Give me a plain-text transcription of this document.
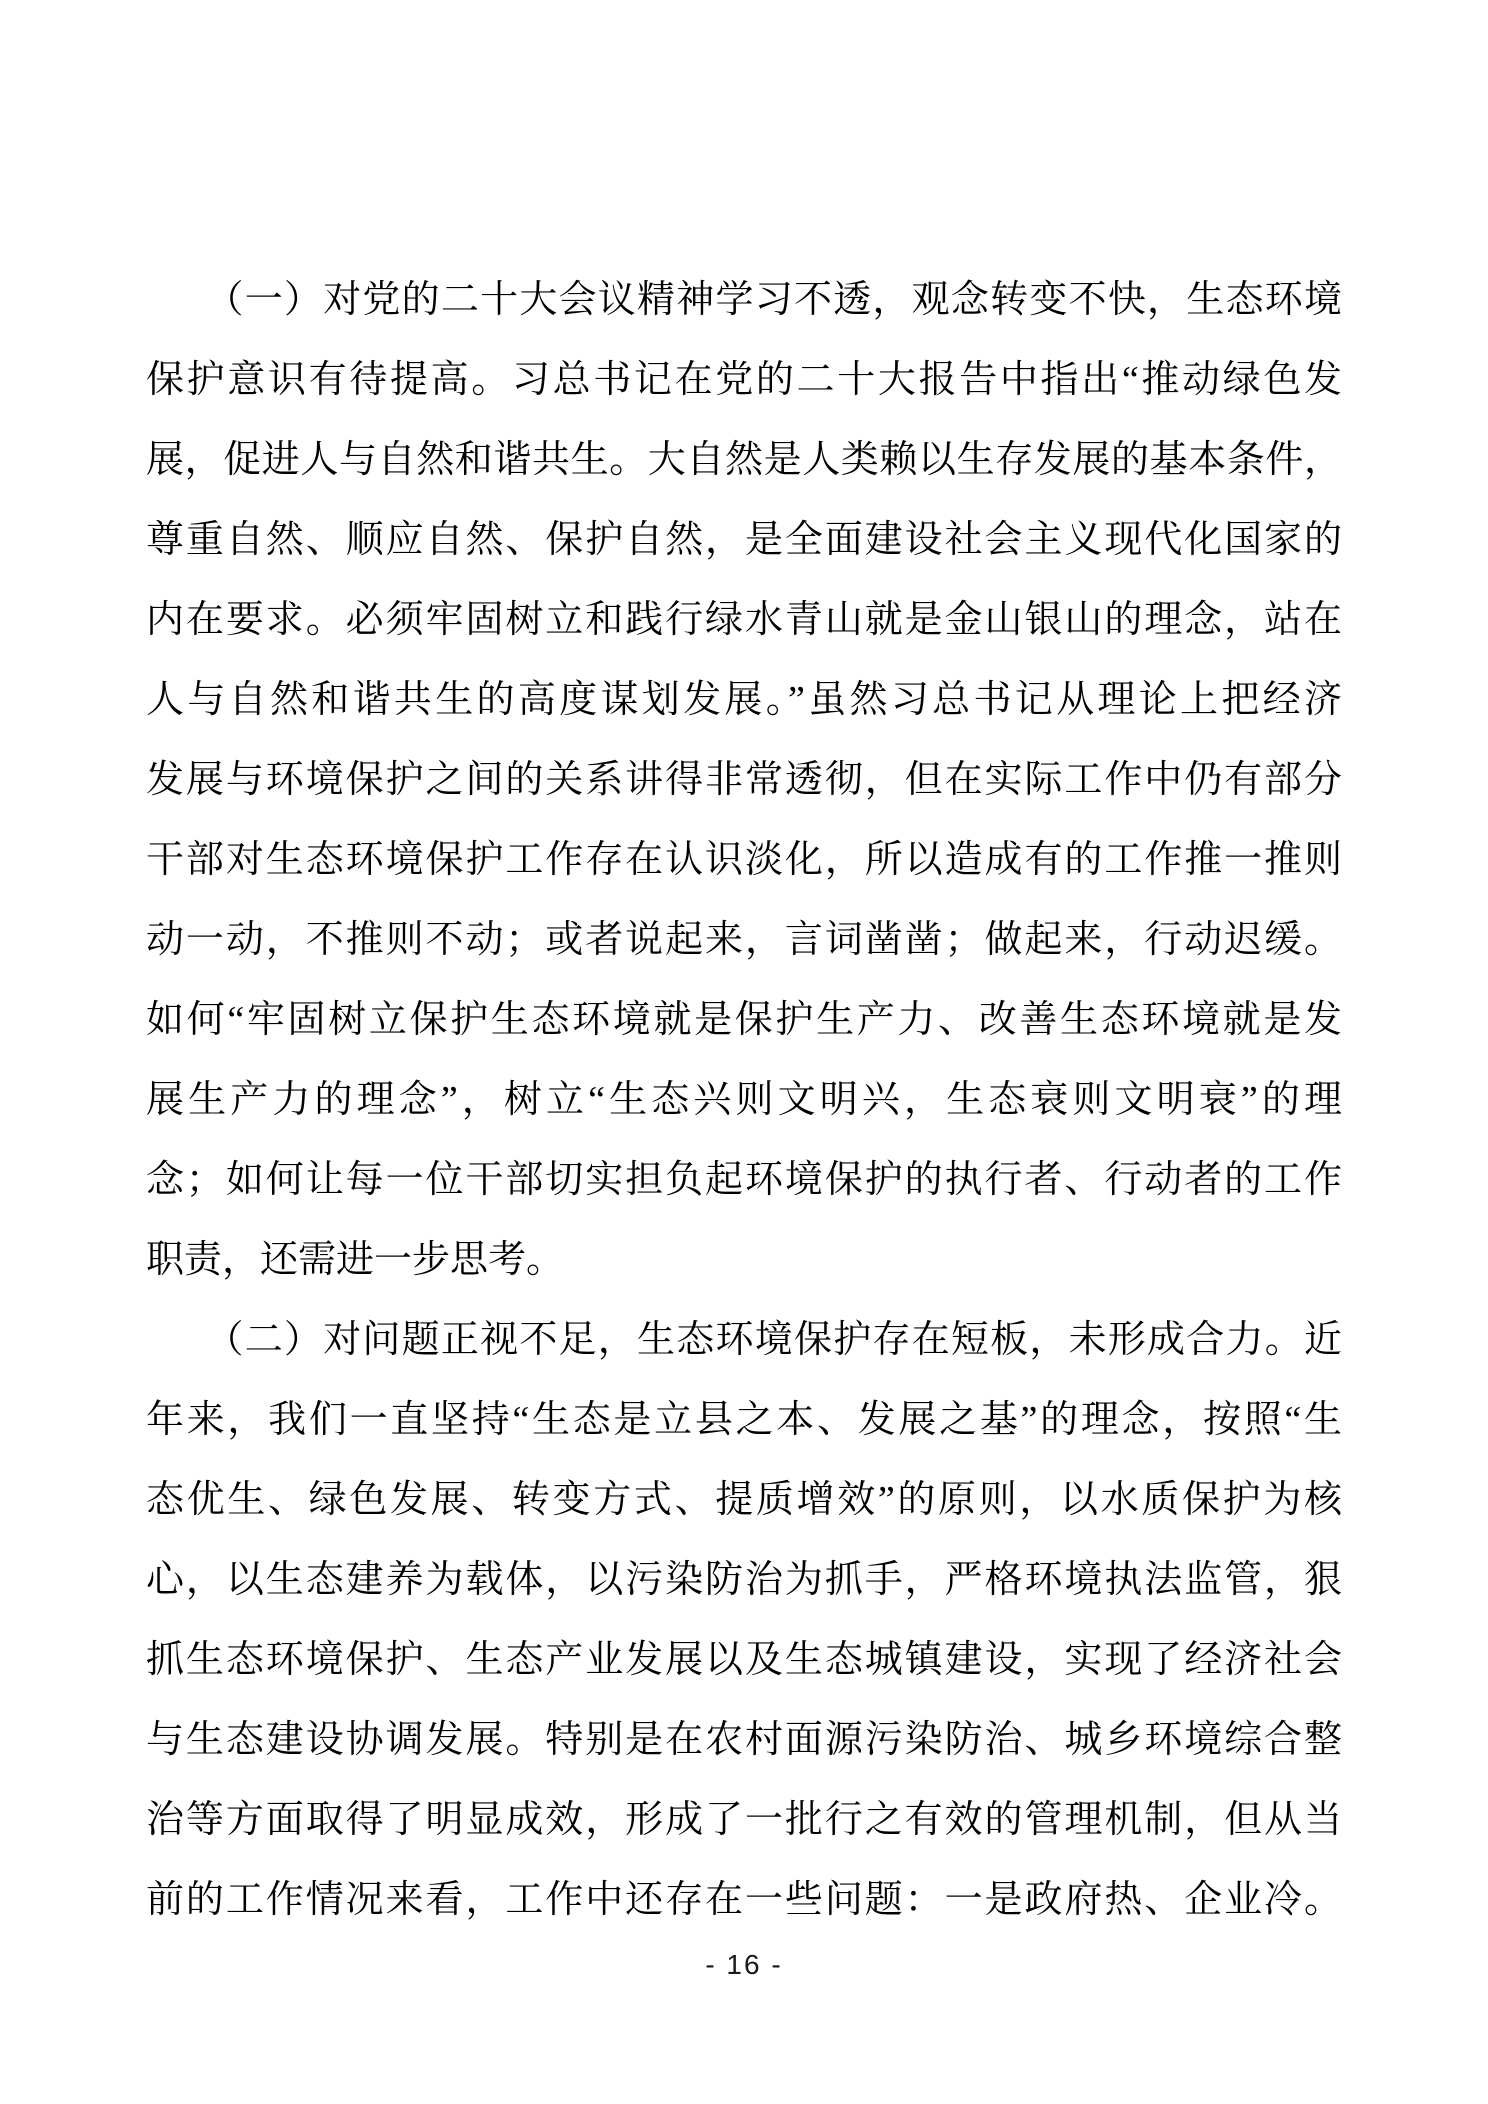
　　（一）对党的二十大会议精神学习不透，观念转变不快，生态环境
保护意识有待提高。习总书记在党的二十大报告中指出“推动绿色发
展，促进人与自然和谐共生。大自然是人类赖以生存发展的基本条件，
尊重自然、顺应自然、保护自然，是全面建设社会主义现代化国家的
内在要求。必须牢固树立和践行绿水青山就是金山银山的理念，站在
人与自然和谐共生的高度谋划发展。”虽然习总书记从理论上把经济
发展与环境保护之间的关系讲得非常透彻，但在实际工作中仍有部分
干部对生态环境保护工作存在认识淡化，所以造成有的工作推一推则
动一动，不推则不动；或者说起来，言词凿凿；做起来，行动迟缓。
如何“牢固树立保护生态环境就是保护生产力、改善生态环境就是发
展生产力的理念”，树立“生态兴则文明兴，生态衰则文明衰”的理
念；如何让每一位干部切实担负起环境保护的执行者、行动者的工作
职责，还需进一步思考。
　　（二）对问题正视不足，生态环境保护存在短板，未形成合力。近
年来，我们一直坚持“生态是立县之本、发展之基”的理念，按照“生
态优生、绿色发展、转变方式、提质增效”的原则，以水质保护为核
心，以生态建养为载体，以污染防治为抓手，严格环境执法监管，狠
抓生态环境保护、生态产业发展以及生态城镇建设，实现了经济社会
与生态建设协调发展。特别是在农村面源污染防治、城乡环境综合整
治等方面取得了明显成效，形成了一批行之有效的管理机制，但从当
前的工作情况来看，工作中还存在一些问题：一是政府热、企业冷。
- 16 -
